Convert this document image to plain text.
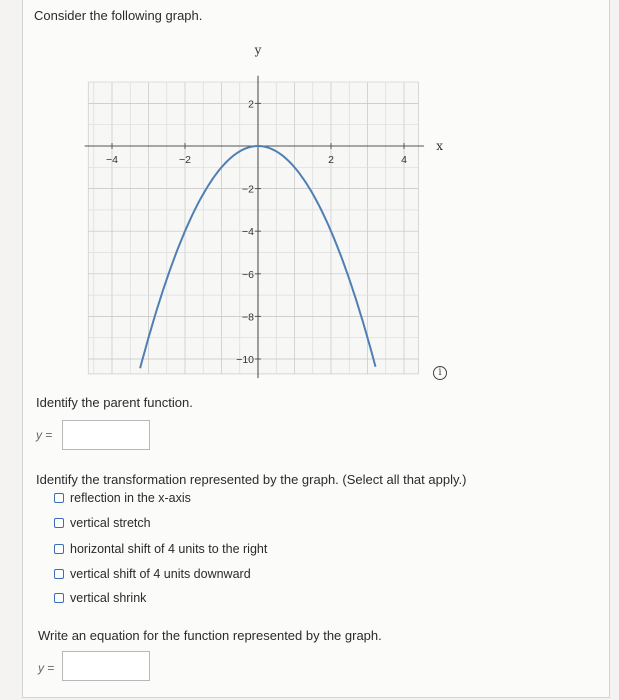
Consider the following graph.
y
x
−4	−2	2	4
2
−2
−4
−6
−8
−10
i
Identify the parent function.
y =
Identify the transformation represented by the graph. (Select all that apply.)
reflection in the x-axis
vertical stretch
horizontal shift of 4 units to the right
vertical shift of 4 units downward
vertical shrink
Write an equation for the function represented by the graph.
y =
